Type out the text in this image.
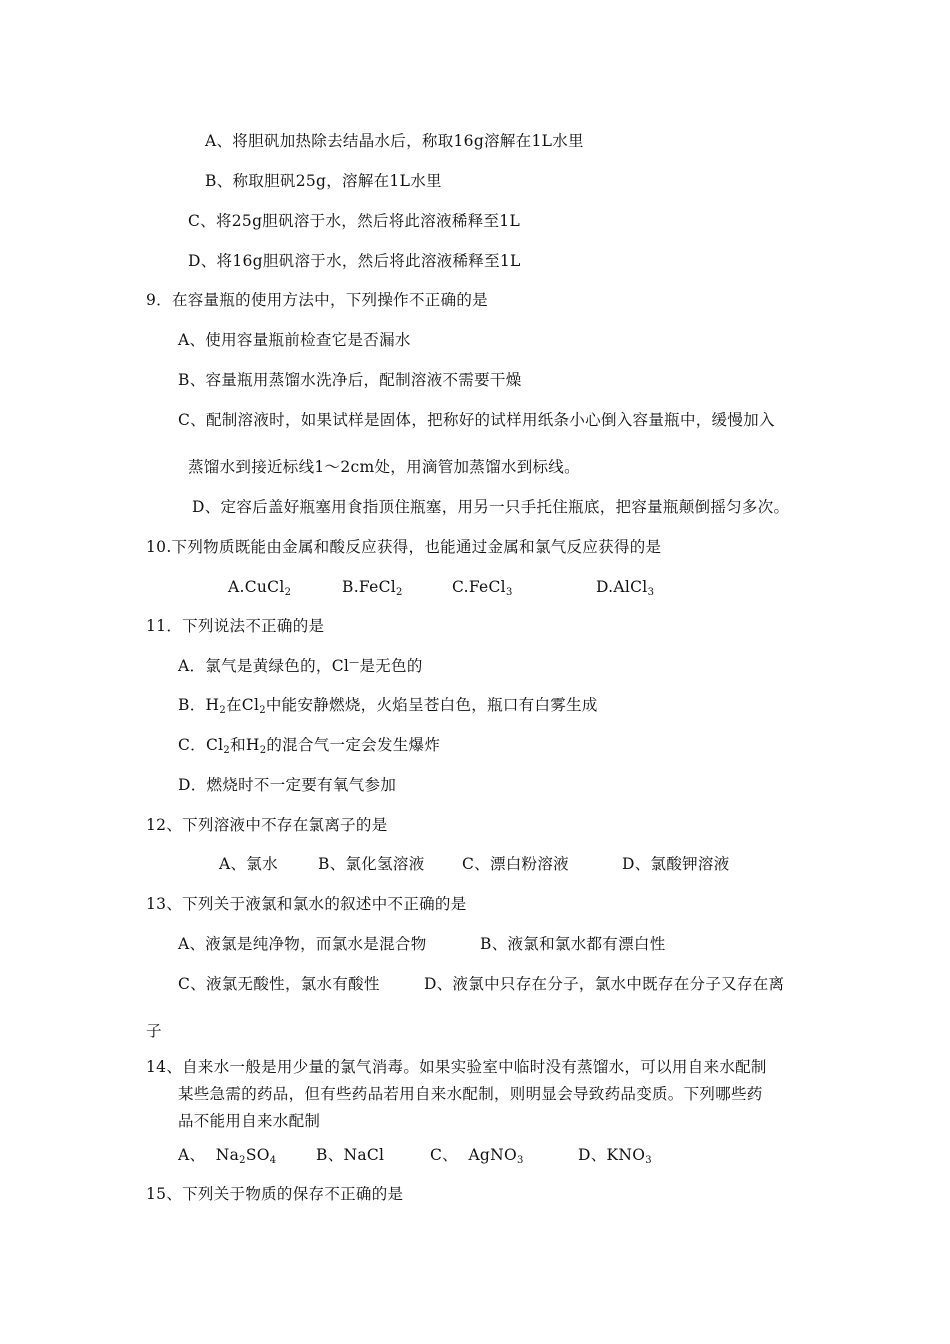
A、将胆矾加热除去结晶水后，称取16g溶解在1L水里
B、称取胆矾25g，溶解在1L水里
C、将25g胆矾溶于水，然后将此溶液稀释至1L
D、将16g胆矾溶于水，然后将此溶液稀释至1L
9．在容量瓶的使用方法中，下列操作不正确的是
A、使用容量瓶前检查它是否漏水
B、容量瓶用蒸馏水洗净后，配制溶液不需要干燥
C、配制溶液时，如果试样是固体，把称好的试样用纸条小心倒入容量瓶中，缓慢加入
蒸馏水到接近标线1～2cm处，用滴管加蒸馏水到标线。
D、定容后盖好瓶塞用食指顶住瓶塞，用另一只手托住瓶底，把容量瓶颠倒摇匀多次。
10.下列物质既能由金属和酸反应获得，也能通过金属和氯气反应获得的是
A.CuCl$_2$	B.FeCl$_2$	C.FeCl$_3$	D.AlCl$_3$
11．下列说法不正确的是
A．氯气是黄绿色的，Cl—是无色的
B．$H_2$在$Cl_2$中能安静燃烧，火焰呈苍白色，瓶口有白雾生成
C．$Cl_2$和$H_2$的混合气一定会发生爆炸
D．燃烧时不一定要有氧气参加
12、下列溶液中不存在氯离子的是
A、氯水	B、氯化氢溶液 C、漂白粉溶液	D、氯酸钾溶液
13、下列关于液氯和氯水的叙述中不正确的是
A、液氯是纯净物，而氯水是混合物	B、液氯和氯水都有漂白性
C、液氯无酸性，氯水有酸性	D、液氯中只存在分子，氯水中既存在分子又存在离
子
14、自来水一般是用少量的氯气消毒。如果实验室中临时没有蒸馏水，可以用自来水配制
某些急需的药品，但有些药品若用自来水配制，则明显会导致药品变质。下列哪些药
品不能用自来水配制
A、 $Na_2SO_4$	B、NaCl	C、 AgNO$_3$	D、$KNO_3$
15、下列关于物质的保存不正确的是
